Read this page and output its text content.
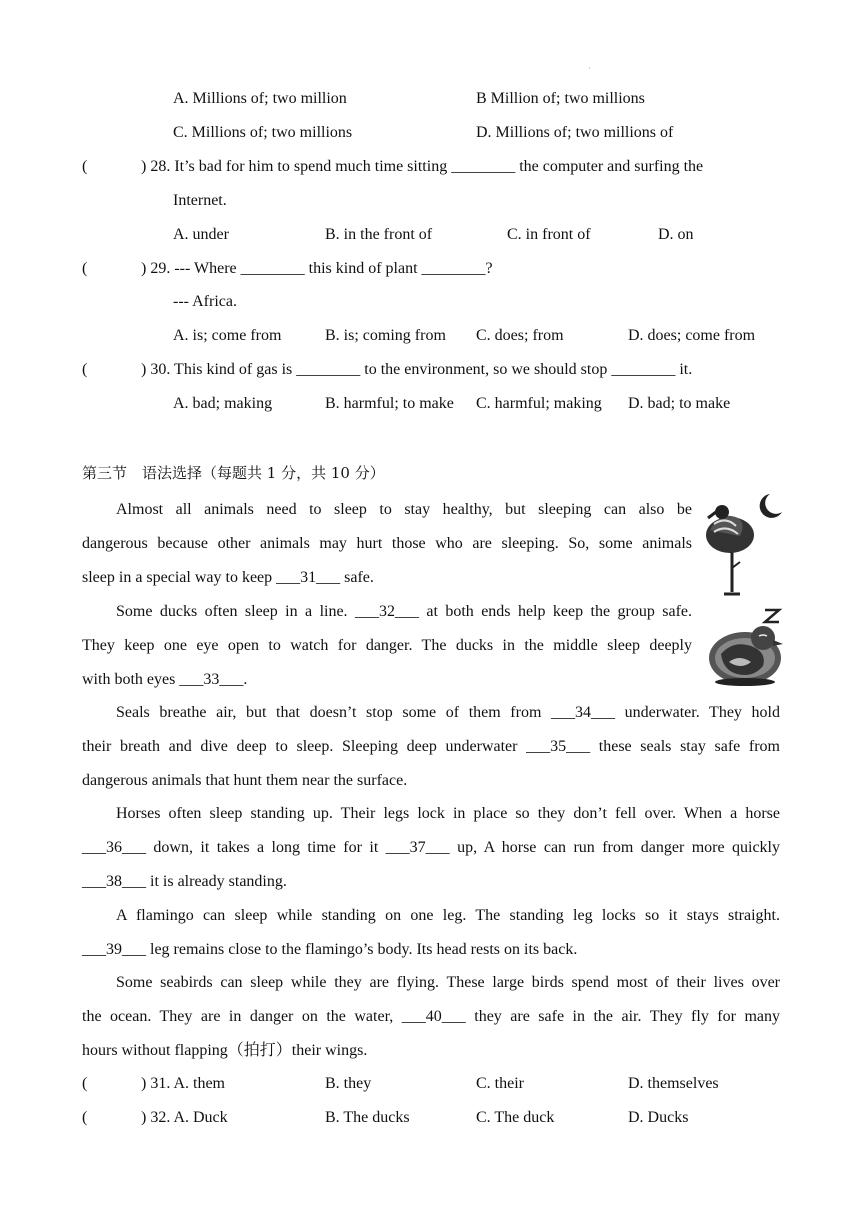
·
A. Millions of; two million	B Million of; two millions
C. Millions of; two millions	D. Millions of; two millions of
(	) 28. It’s bad for him to spend much time sitting ________ the computer and surfing the
Internet.
A. under	B. in the front of	C. in front of	D. on
(	) 29. --- Where ________ this kind of plant ________?
--- Africa.
A. is; come from	B. is; coming from C. does; from	D. does; come from
(	) 30. This kind of gas is ________ to the environment, so we should stop ________ it.
A. bad; making	B. harmful; to make C. harmful; making D. bad; to make
第三节　语法选择（每题共 1 分，共 10 分）
Almost all animals need to sleep to stay healthy, but sleeping can also be
dangerous because other animals may hurt those who are sleeping. So, some animals
sleep in a special way to keep ___31___ safe.
Some ducks often sleep in a line. ___32___ at both ends help keep the group safe.
They keep one eye open to watch for danger. The ducks in the middle sleep deeply
with both eyes ___33___.
Seals breathe air, but that doesn’t stop some of them from ___34___ underwater. They hold
their breath and dive deep to sleep. Sleeping deep underwater ___35___ these seals stay safe from
dangerous animals that hunt them near the surface.
Horses often sleep standing up. Their legs lock in place so they don’t fell over. When a horse
___36___ down, it takes a long time for it ___37___ up, A horse can run from danger more quickly
___38___ it is already standing.
A flamingo can sleep while standing on one leg. The standing leg locks so it stays straight.
___39___ leg remains close to the flamingo’s body. Its head rests on its back.
Some seabirds can sleep while they are flying. These large birds spend most of their lives over
the ocean. They are in danger on the water, ___40___ they are safe in the air. They fly for many
hours without flapping（拍打）their wings.
(	) 31. A. them	B. they	C. their	D. themselves
(	) 32. A. Duck	B. The ducks	C. The duck	D. Ducks
